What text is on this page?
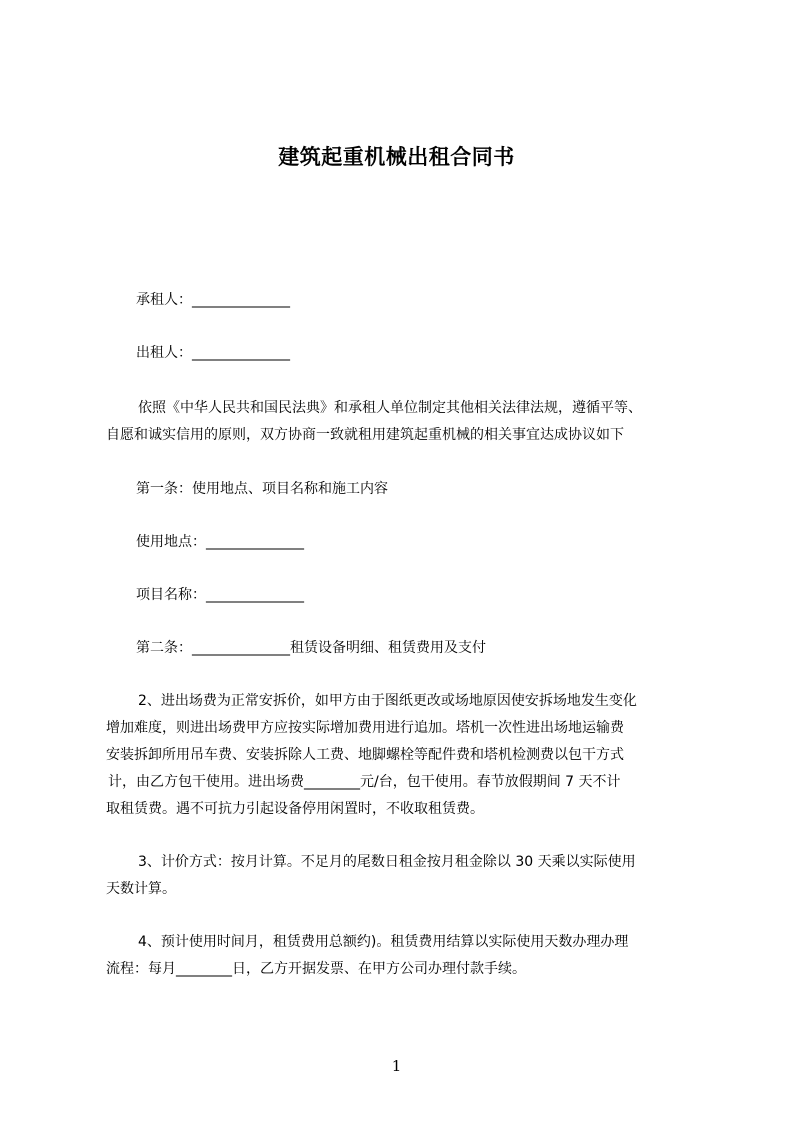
建筑起重机械出租合同书
承租人：______________
出租人：______________
依照《中华人民共和国民法典》和承租人单位制定其他相关法律法规，遵循平等、
自愿和诚实信用的原则，双方协商一致就租用建筑起重机械的相关事宜达成协议如下
第一条：使用地点、项目名称和施工内容
使用地点：______________
项目名称：______________
第二条：______________租赁设备明细、租赁费用及支付
2、进出场费为正常安拆价，如甲方由于图纸更改或场地原因使安拆场地发生变化
增加难度，则进出场费甲方应按实际增加费用进行追加。塔机一次性进出场地运输费
安装拆卸所用吊车费、安装拆除人工费、地脚螺栓等配件费和塔机检测费以包干方式
计，由乙方包干使用。进出场费________元/台，包干使用。春节放假期间 7 天不计
取租赁费。遇不可抗力引起设备停用闲置时，不收取租赁费。
3、计价方式：按月计算。不足月的尾数日租金按月租金除以 30 天乘以实际使用
天数计算。
4、预计使用时间月，租赁费用总额约)。租赁费用结算以实际使用天数办理办理
流程：每月________日，乙方开据发票、在甲方公司办理付款手续。
1
